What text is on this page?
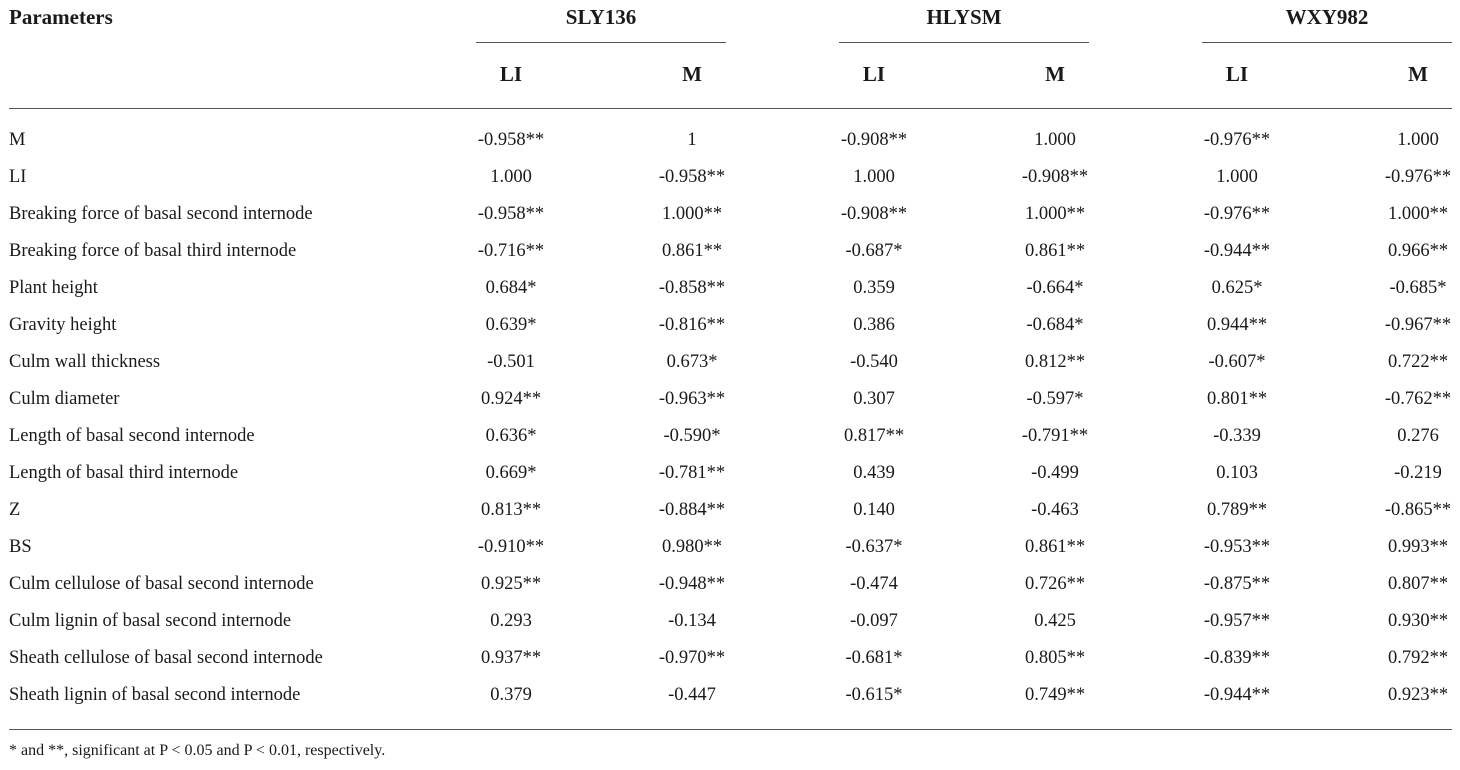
Parameters	SLY136	HLYSM	WXY982
LI	M	LI	M	LI	M
M	-0.958**	1	-0.908**	1.000	-0.976**	1.000
LI	1.000	-0.958**	1.000	-0.908**	1.000	-0.976**
Breaking force of basal second internode	-0.958**	1.000**	-0.908**	1.000**	-0.976**	1.000**
Breaking force of basal third internode	-0.716**	0.861**	-0.687*	0.861**	-0.944**	0.966**
Plant height	0.684*	-0.858**	0.359	-0.664*	0.625*	-0.685*
Gravity height	0.639*	-0.816**	0.386	-0.684*	0.944**	-0.967**
Culm wall thickness	-0.501	0.673*	-0.540	0.812**	-0.607*	0.722**
Culm diameter	0.924**	-0.963**	0.307	-0.597*	0.801**	-0.762**
Length of basal second internode	0.636*	-0.590*	0.817**	-0.791**	-0.339	0.276
Length of basal third internode	0.669*	-0.781**	0.439	-0.499	0.103	-0.219
Z	0.813**	-0.884**	0.140	-0.463	0.789**	-0.865**
BS	-0.910**	0.980**	-0.637*	0.861**	-0.953**	0.993**
Culm cellulose of basal second internode	0.925**	-0.948**	-0.474	0.726**	-0.875**	0.807**
Culm lignin of basal second internode	0.293	-0.134	-0.097	0.425	-0.957**	0.930**
Sheath cellulose of basal second internode	0.937**	-0.970**	-0.681*	0.805**	-0.839**	0.792**
Sheath lignin of basal second internode	0.379	-0.447	-0.615*	0.749**	-0.944**	0.923**
* and **, significant at P < 0.05 and P < 0.01, respectively.
